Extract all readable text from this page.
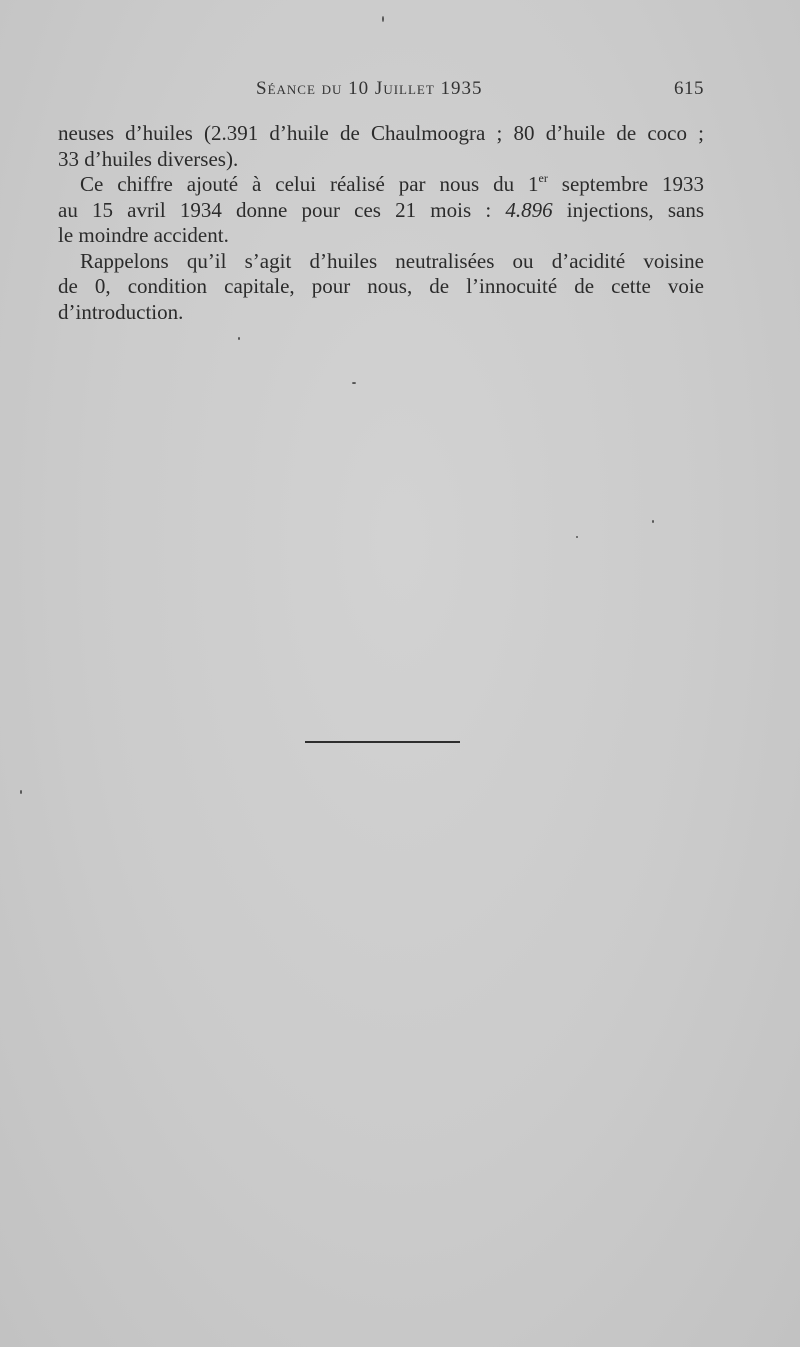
Séance du 10 Juillet 1935	615

neuses d’huiles (2.391 d’huile de Chaulmoogra ; 80 d’huile de coco ;
33 d’huiles diverses).

Ce chiffre ajouté à celui réalisé par nous du 1er septembre 1933
au 15 avril 1934 donne pour ces 21 mois : 4.896 injections, sans
le moindre accident.

Rappelons qu’il s’agit d’huiles neutralisées ou d’acidité voisine
de 0, condition capitale, pour nous, de l’innocuité de cette voie
d’introduction.
